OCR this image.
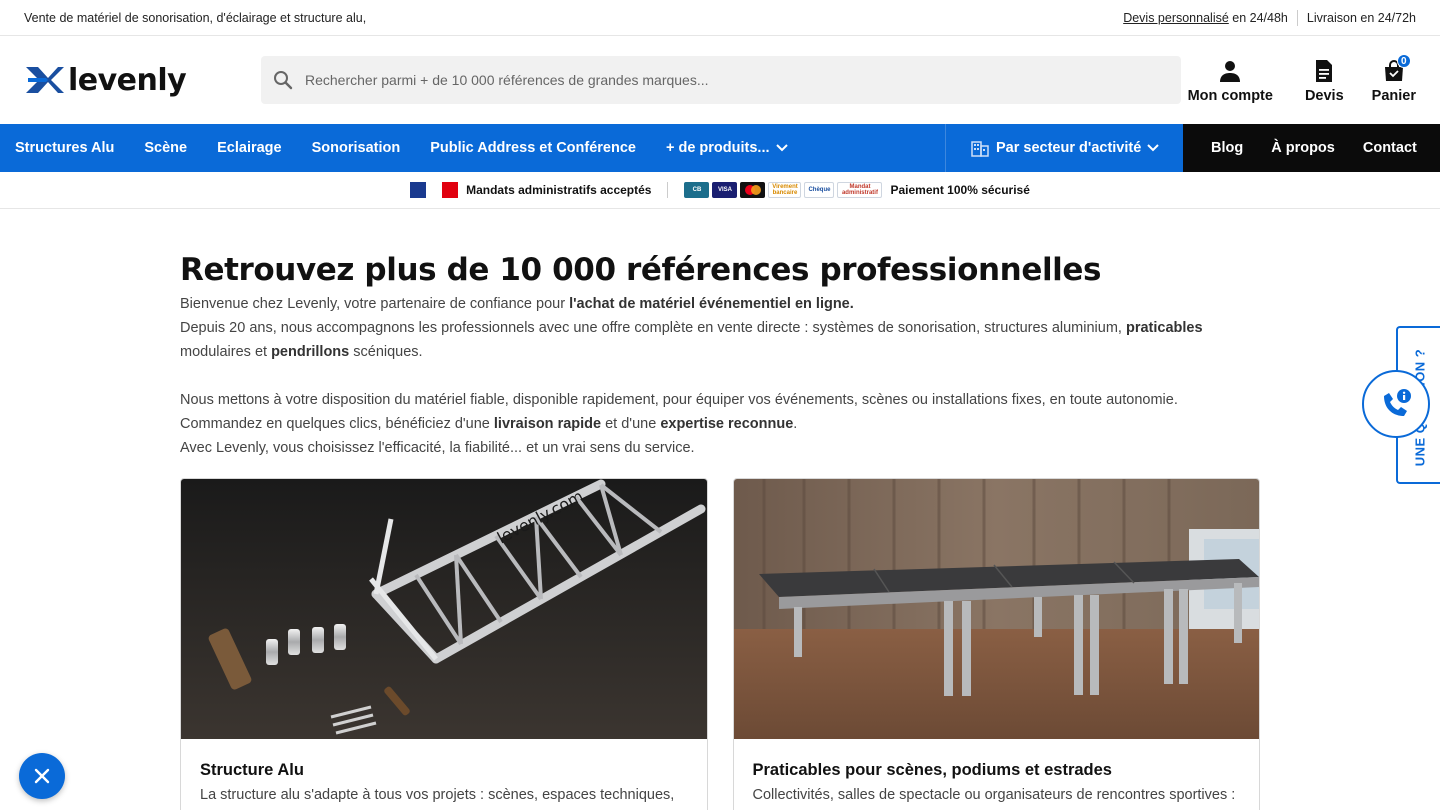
Vente de matériel de sonorisation, d'éclairage et structure alu,	Devis personnalisé en 24/48h Livraison en 24/72h
levenly
Rechercher parmi + de 10 000 références de grandes marques...	Mon compte Devis
0
Panier
Structures Alu	Scène	Eclairage	Sonorisation	Public Address et Conférence	+ de produits...	Par secteur d'activité	Blog	À propos	Contact
Mandats administratifs acceptés	CB	VISA	Virement bancaire	Chèque	Mandat administratif	Paiement 100% sécurisé
Retrouvez plus de 10 000 références professionnelles

Bienvenue chez Levenly, votre partenaire de confiance pour l'achat de matériel événementiel en ligne.

Depuis 20 ans, nous accompagnons les professionnels avec une offre complète en vente directe : systèmes de sonorisation, structures aluminium, praticables
modulaires et pendrillons scéniques.

Nous mettons à votre disposition du matériel fiable, disponible rapidement, pour équiper vos événements, scènes ou installations fixes, en toute autonomie.

Commandez en quelques clics, bénéficiez d'une livraison rapide et d'une expertise reconnue.

Avec Levenly, vous choisissez l'efficacité, la fiabilité... et un vrai sens du service.

levenly.com
Structure Alu
La structure alu s'adapte à tous vos projets : scènes, espaces techniques,
Praticables pour scènes, podiums et estrades
Collectivités, salles de spectacle ou organisateurs de rencontres sportives :
